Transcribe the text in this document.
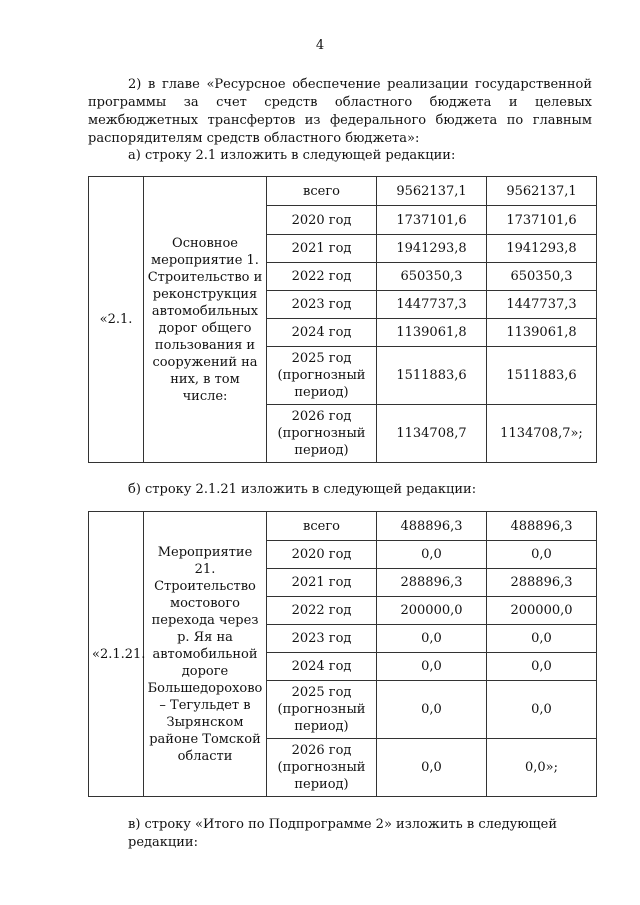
4

2) в главе «Ресурсное обеспечение реализации государственной программы за счет средств областного бюджета и целевых межбюджетных трансфертов из федерального бюджета по главным распорядителям средств областного бюджета»:

а) строку 2.1 изложить в следующей редакции:

«2.1.	Основное мероприятие 1. Строительство и реконструкция автомобильных дорог общего пользования и сооружений на них, в том числе:	всего	9562137,1	9562137,1
		2020 год	1737101,6	1737101,6
		2021 год	1941293,8	1941293,8
		2022 год	650350,3	650350,3
		2023 год	1447737,3	1447737,3
		2024 год	1139061,8	1139061,8
		2025 год (прогнозный период)	1511883,6	1511883,6
		2026 год (прогнозный период)	1134708,7	1134708,7»;

б) строку 2.1.21 изложить в следующей редакции:

«2.1.21.	Мероприятие 21. Строительство мостового перехода через р. Яя на автомобильной дороге Большедорохово – Тегульдет в Зырянском районе Томской области	всего	488896,3	488896,3
		2020 год	0,0	0,0
		2021 год	288896,3	288896,3
		2022 год	200000,0	200000,0
		2023 год	0,0	0,0
		2024 год	0,0	0,0
		2025 год (прогнозный период)	0,0	0,0
		2026 год (прогнозный период)	0,0	0,0»;

в) строку «Итого по Подпрограмме 2» изложить в следующей редакции:
